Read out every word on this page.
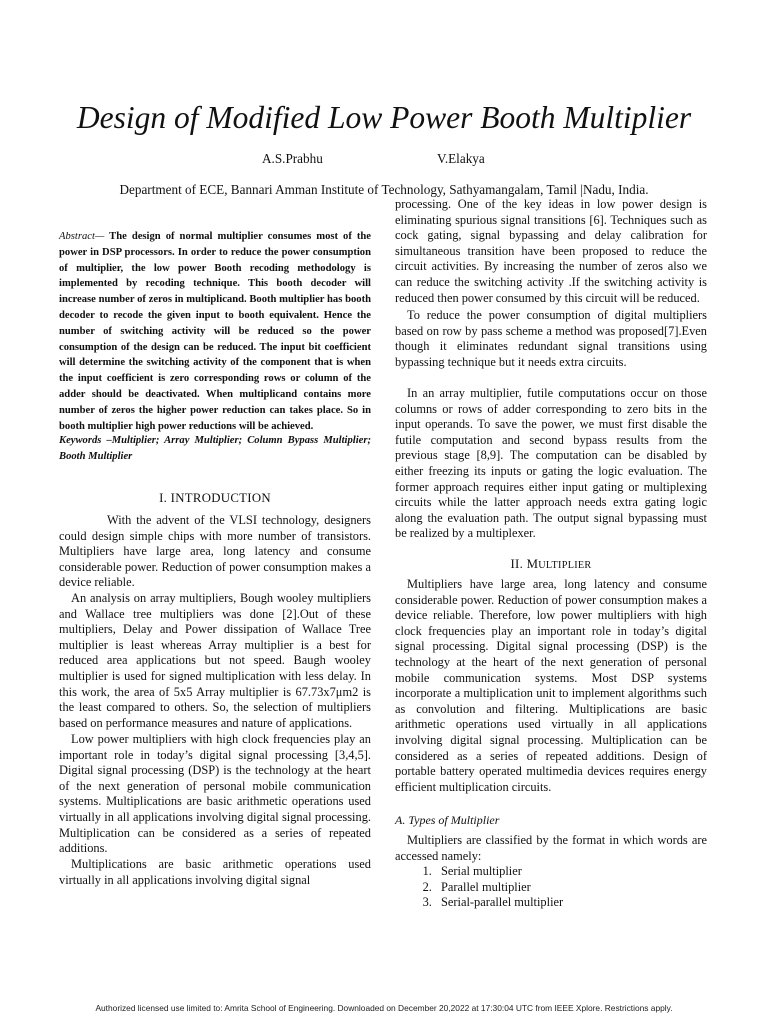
Design of Modified Low Power Booth Multiplier
A.S.Prabhu	V.Elakya
Department of ECE, Bannari Amman Institute of Technology, Sathyamangalam, Tamil |Nadu, India.

Abstract— The design of normal multiplier consumes most of the power in DSP processors. In order to reduce the power consumption of multiplier, the low power Booth recoding methodology is implemented by recoding technique. This booth decoder will increase number of zeros in multiplicand. Booth multiplier has booth decoder to recode the given input to booth equivalent. Hence the number of switching activity will be reduced so the power consumption of the design can be reduced. The input bit coefficient will determine the switching activity of the component that is when the input coefficient is zero corresponding rows or column of the adder should be deactivated. When multiplicand contains more number of zeros the higher power reduction can takes place. So in booth multiplier high power reductions will be achieved.

Keywords –Multiplier; Array Multiplier; Column Bypass Multiplier; Booth Multiplier

I. INTRODUCTION

With the advent of the VLSI technology, designers could design simple chips with more number of transistors. Multipliers have large area, long latency and consume considerable power. Reduction of power consumption makes a device reliable.

An analysis on array multipliers, Bough wooley multipliers and Wallace tree multipliers was done [2].Out of these multipliers, Delay and Power dissipation of Wallace Tree multiplier is least whereas Array multiplier is a best for reduced area applications but not speed. Baugh wooley multiplier is used for signed multiplication with less delay. In this work, the area of 5x5 Array multiplier is 67.73x7μm2 is the least compared to others. So, the selection of multipliers based on performance measures and nature of applications.

Low power multipliers with high clock frequencies play an important role in today’s digital signal processing [3,4,5]. Digital signal processing (DSP) is the technology at the heart of the next generation of personal mobile communication systems. Multiplications are basic arithmetic operations used virtually in all applications involving digital signal processing. Multiplication can be considered as a series of repeated additions.

Multiplications are basic arithmetic operations used virtually in all applications involving digital signal

processing. One of the key ideas in low power design is eliminating spurious signal transitions [6]. Techniques such as cock gating, signal bypassing and delay calibration for simultaneous transition have been proposed to reduce the circuit activities. By increasing the number of zeros also we can reduce the switching activity .If the switching activity is reduced then power consumed by this circuit will be reduced.

To reduce the power consumption of digital multipliers based on row by pass scheme a method was proposed[7].Even though it eliminates redundant signal transitions using bypassing technique but it needs extra circuits.

In an array multiplier, futile computations occur on those columns or rows of adder corresponding to zero bits in the input operands. To save the power, we must first disable the futile computation and second bypass results from the previous stage [8,9]. The computation can be disabled by either freezing its inputs or gating the logic evaluation. The former approach requires either input gating or multiplexing circuits while the latter approach needs extra gating logic along the evaluation path. The output signal bypassing must be realized by a multiplexer.

II. MULTIPLIER

Multipliers have large area, long latency and consume considerable power. Reduction of power consumption makes a device reliable. Therefore, low power multipliers with high clock frequencies play an important role in today’s digital signal processing. Digital signal processing (DSP) is the technology at the heart of the next generation of personal mobile communication systems. Most DSP systems incorporate a multiplication unit to implement algorithms such as convolution and filtering. Multiplications are basic arithmetic operations used virtually in all applications involving digital signal processing. Multiplication can be considered as a series of repeated additions. Design of portable battery operated multimedia devices requires energy efficient multiplication circuits.

A. Types of Multiplier

Multipliers are classified by the format in which words are accessed namely:

1. Serial multiplier
2. Parallel multiplier
3. Serial-parallel multiplier
Authorized licensed use limited to: Amrita School of Engineering. Downloaded on December 20,2022 at 17:30:04 UTC from IEEE Xplore. Restrictions apply.
